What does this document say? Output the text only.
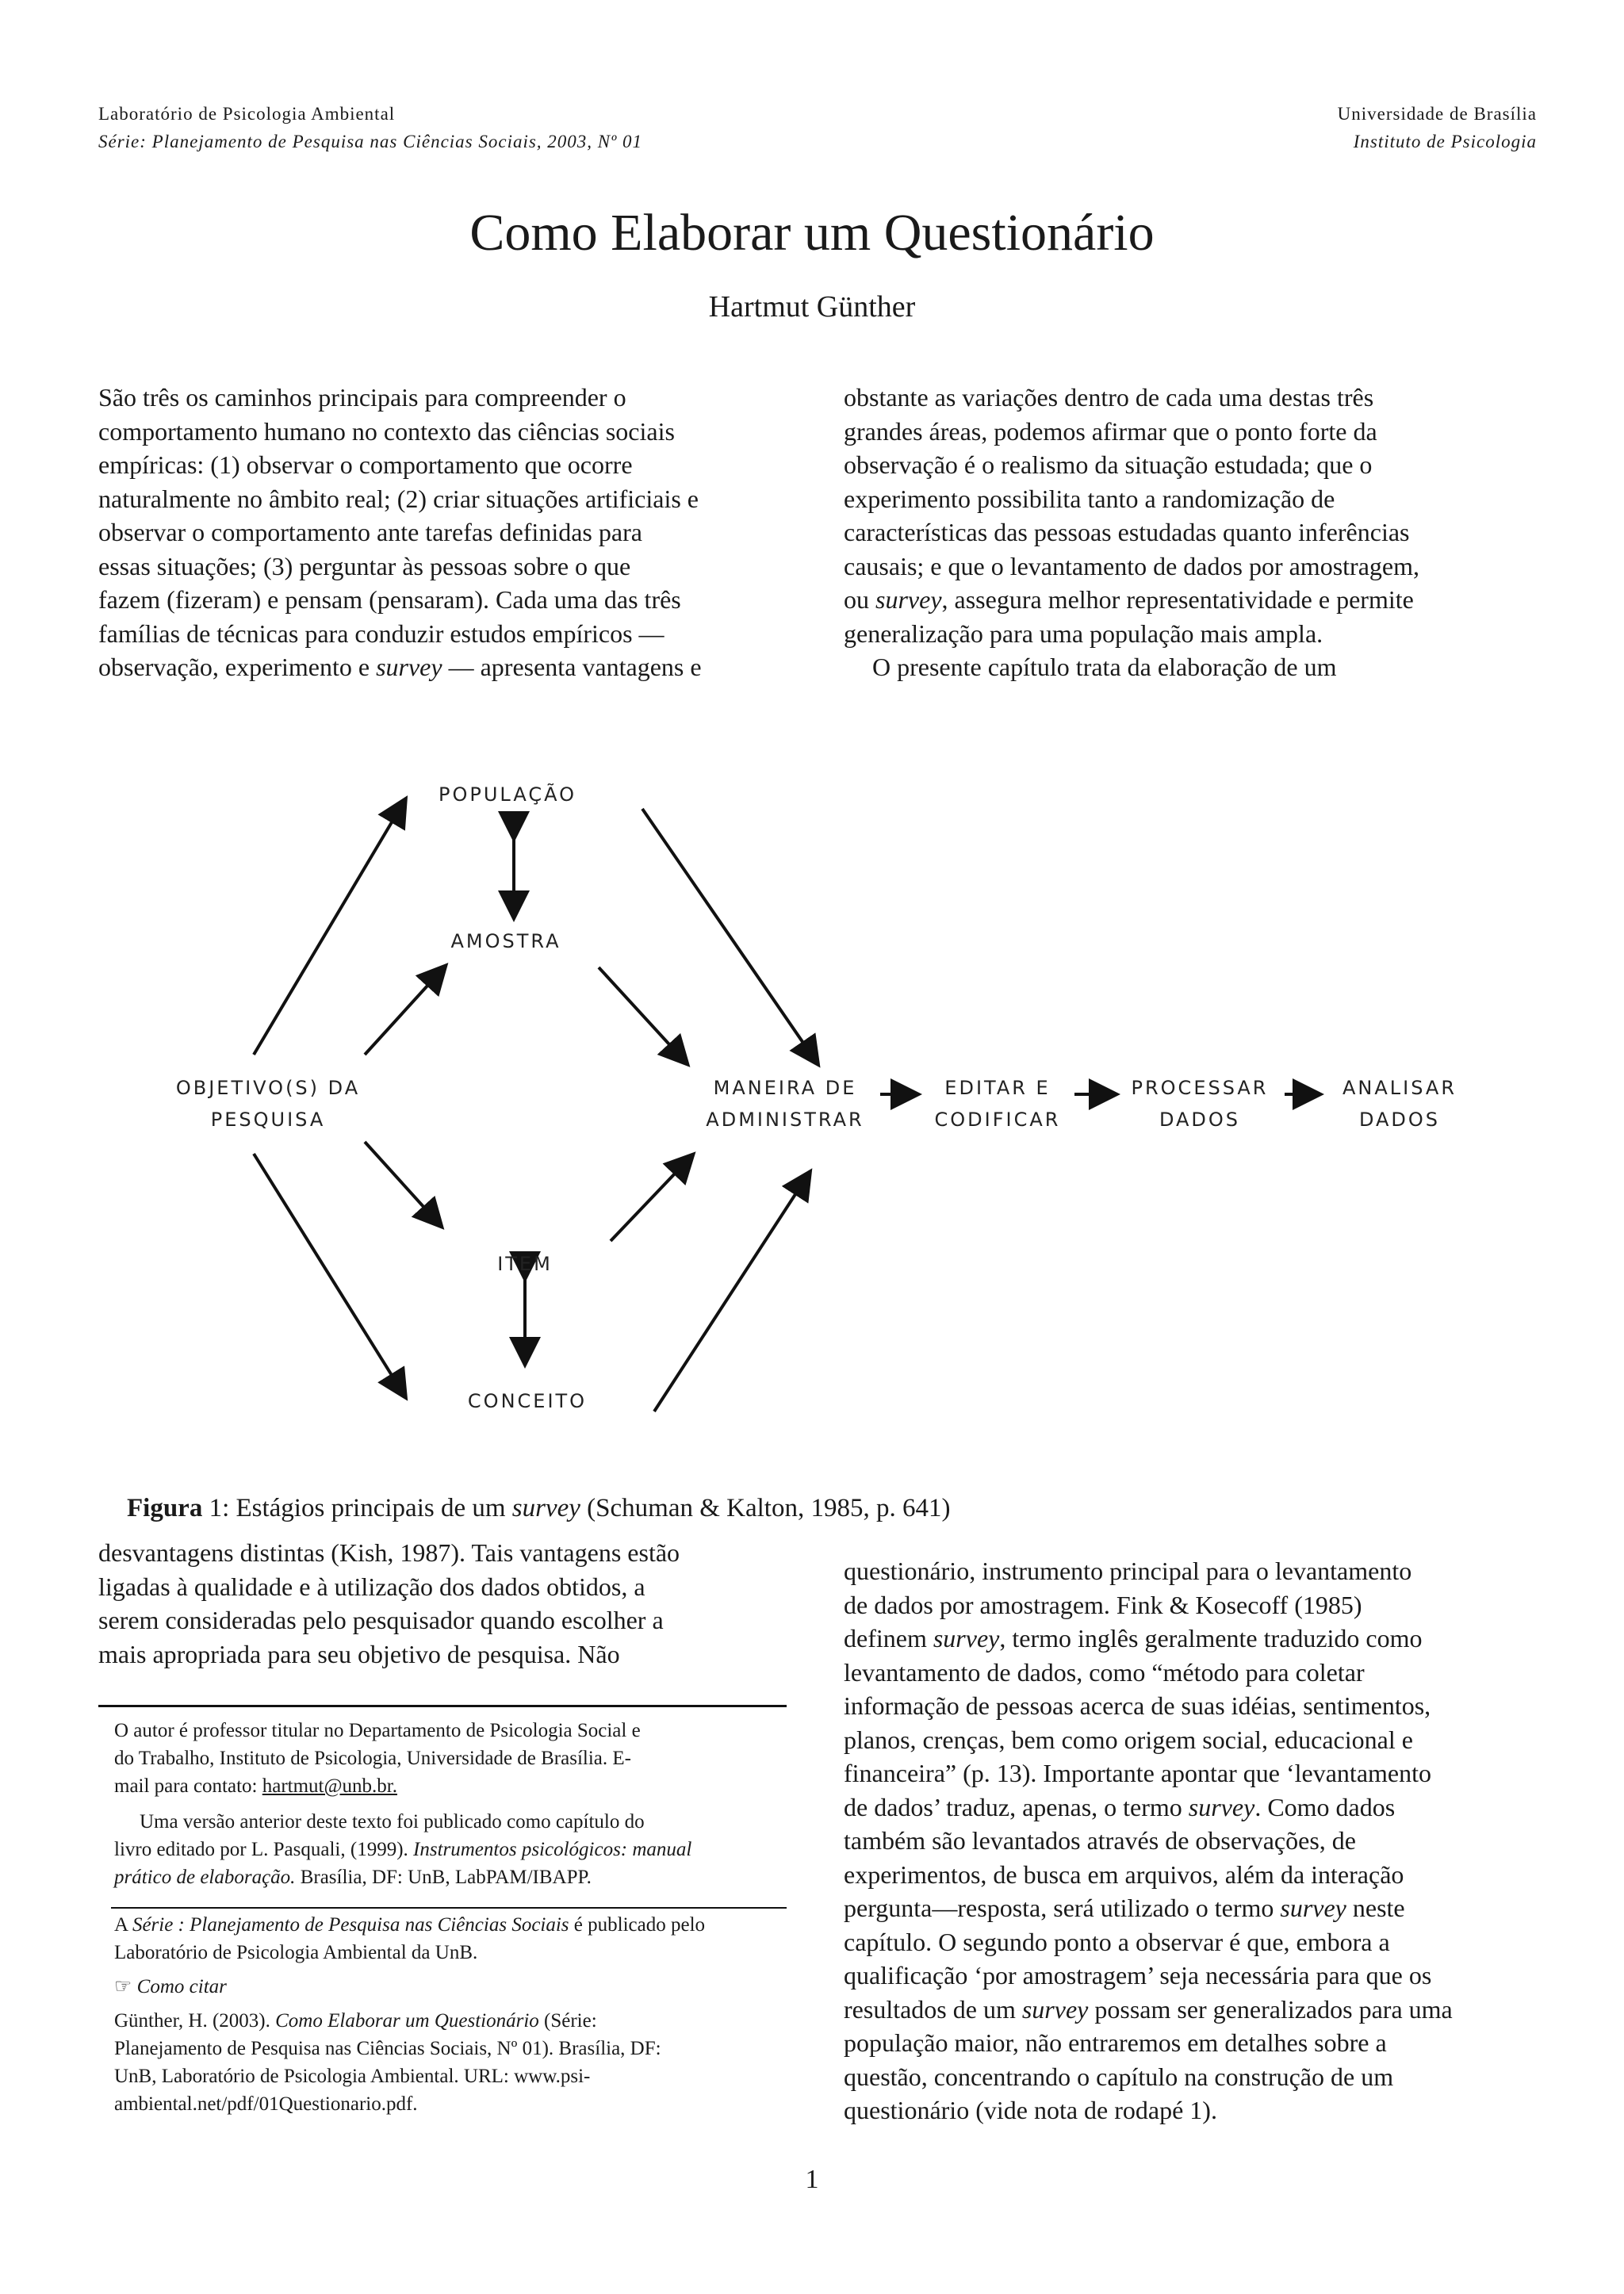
Laboratório de Psicologia Ambiental
Série: Planejamento de Pesquisa nas Ciências Sociais, 2003, Nº 01
Universidade de Brasília
Instituto de Psicologia
Como Elaborar um Questionário
Hartmut Günther
São três os caminhos principais para compreender o
comportamento humano no contexto das ciências sociais
empíricas: (1) observar o comportamento que ocorre
naturalmente no âmbito real; (2) criar situações artificiais e
observar o comportamento ante tarefas definidas para
essas situações; (3) perguntar às pessoas sobre o que
fazem (fizeram) e pensam (pensaram). Cada uma das três
famílias de técnicas para conduzir estudos empíricos —
observação, experimento e survey — apresenta vantagens e
obstante as variações dentro de cada uma destas três
grandes áreas, podemos afirmar que o ponto forte da
observação é o realismo da situação estudada; que o
experimento possibilita tanto a randomização de
características das pessoas estudadas quanto inferências
causais; e que o levantamento de dados por amostragem,
ou survey, assegura melhor representatividade e permite
generalização para uma população mais ampla.
O presente capítulo trata da elaboração de um
POPULAÇÃO
AMOSTRA
OBJETIVO(S) DA
PESQUISA
MANEIRA DE
ADMINISTRAR
EDITAR E
CODIFICAR
PROCESSAR
DADOS
ANALISAR
DADOS
ITEM
CONCEITO
Figura 1: Estágios principais de um survey (Schuman & Kalton, 1985, p. 641)
desvantagens distintas (Kish, 1987). Tais vantagens estão
ligadas à qualidade e à utilização dos dados obtidos, a
serem consideradas pelo pesquisador quando escolher a
mais apropriada para seu objetivo de pesquisa. Não
O autor é professor titular no Departamento de Psicologia Social e
do Trabalho, Instituto de Psicologia, Universidade de Brasília. E-
mail para contato: hartmut@unb.br.
Uma versão anterior deste texto foi publicado como capítulo do
livro editado por L. Pasquali, (1999). Instrumentos psicológicos: manual
prático de elaboração. Brasília, DF: UnB, LabPAM/IBAPP.
A Série : Planejamento de Pesquisa nas Ciências Sociais é publicado pelo
Laboratório de Psicologia Ambiental da UnB.
☞ Como citar
Günther, H. (2003). Como Elaborar um Questionário (Série:
Planejamento de Pesquisa nas Ciências Sociais, Nº 01). Brasília, DF:
UnB, Laboratório de Psicologia Ambiental. URL: www.psi-
ambiental.net/pdf/01Questionario.pdf.
questionário, instrumento principal para o levantamento
de dados por amostragem. Fink & Kosecoff (1985)
definem survey, termo inglês geralmente traduzido como
levantamento de dados, como “método para coletar
informação de pessoas acerca de suas idéias, sentimentos,
planos, crenças, bem como origem social, educacional e
financeira” (p. 13). Importante apontar que ‘levantamento
de dados’ traduz, apenas, o termo survey. Como dados
também são levantados através de observações, de
experimentos, de busca em arquivos, além da interação
pergunta—resposta, será utilizado o termo survey neste
capítulo. O segundo ponto a observar é que, embora a
qualificação ‘por amostragem’ seja necessária para que os
resultados de um survey possam ser generalizados para uma
população maior, não entraremos em detalhes sobre a
questão, concentrando o capítulo na construção de um
questionário (vide nota de rodapé 1).
1
